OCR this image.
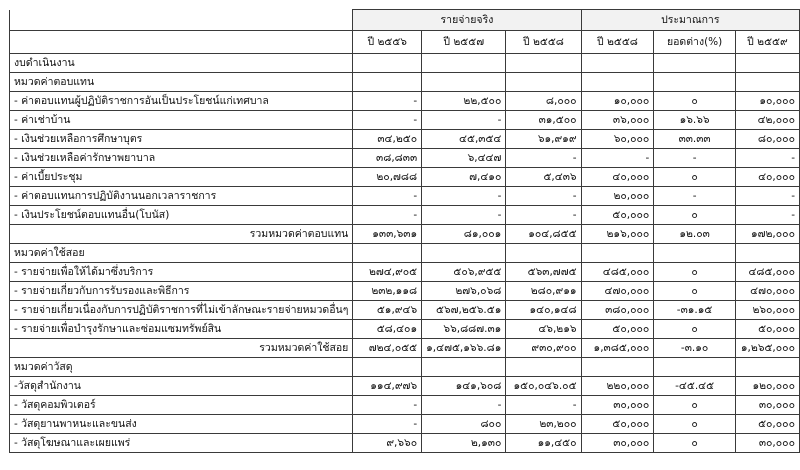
	รายจ่ายจริง			ประมาณการ		
	ปี ๒๕๕๖	ปี ๒๕๕๗	ปี ๒๕๕๘	ปี ๒๕๕๘	ยอดต่าง(%)	ปี ๒๕๕๙
งบดำเนินงาน						
หมวดค่าตอบแทน						
- ค่าตอบแทนผู้ปฏิบัติราชการอันเป็นประโยชน์แก่เทศบาล	-	๒๒,๕๐๐	๘,๐๐๐	๑๐,๐๐๐	๐	๑๐,๐๐๐
- ค่าเช่าบ้าน	-	-	๓๑,๕๐๐	๓๖,๐๐๐	๑๖.๖๖	๔๒,๐๐๐
- เงินช่วยเหลือการศึกษาบุตร	๓๔,๒๕๐	๔๕,๓๕๔	๖๑,๙๑๙	๖๐,๐๐๐	๓๓.๓๓	๘๐,๐๐๐
- เงินช่วยเหลือค่ารักษาพยาบาล	๓๘,๘๓๓	๖,๔๔๗	-	-	-	-
- ค่าเบี้ยประชุม	๒๐,๗๘๘	๗,๔๑๐	๕,๔๓๖	๔๐,๐๐๐	๐	๔๐,๐๐๐
- ค่าตอบแทนการปฏิบัติงานนอกเวลาราชการ	-	-	-	๒๐,๐๐๐	-	-
- เงินประโยชน์ตอบแทนอื่น(โบนัส)	-	-	-	๕๐,๐๐๐	๐	-
รวมหมวดค่าตอบแทน	๑๓๓,๖๓๑	๘๑,๐๐๑	๑๐๔,๘๕๕	๒๑๖,๐๐๐	๑๒.๐๓	๑๗๒,๐๐๐
หมวดค่าใช้สอย						
- รายจ่ายเพื่อให้ได้มาซึ่งบริการ	๒๗๔,๙๐๕	๕๐๖,๙๕๕	๕๖๓,๗๗๕	๔๘๕,๐๐๐	๐	๔๘๕,๐๐๐
- รายจ่ายเกี่ยวกับการรับรองและพิธีการ	๒๓๒,๑๑๘	๒๗๖,๐๖๘	๒๘๐,๙๑๑	๔๗๐,๐๐๐	๐	๔๗๐,๐๐๐
- รายจ่ายเกี่ยวเนื่องกับการปฏิบัติราชการที่ไม่เข้าลักษณะรายจ่ายหมวดอื่นๆ	๕๑,๙๔๖	๕๖๗,๒๕๖.๕๑	๑๔๐,๑๔๘	๓๘๐,๐๐๐	-๓๑.๑๕	๒๖๐,๐๐๐
- รายจ่ายเพื่อบำรุงรักษาและซ่อมแซมทรัพย์สิน	๕๘,๔๐๑	๖๖,๘๘๗.๓๑	๔๖,๒๑๖	๕๐,๐๐๐	๐	๕๐,๐๐๐
รวมหมวดค่าใช้สอย	๗๒๔,๐๕๕	๑,๔๗๕,๑๖๖.๘๑	๙๓๐,๙๐๐	๑,๓๘๕,๐๐๐	-๓.๑๐	๑,๒๖๕,๐๐๐
หมวดค่าวัสดุ						
-วัสดุสำนักงาน	๑๑๔,๙๗๖	๑๔๑,๖๐๘	๑๕๐,๐๔๖.๐๕	๒๒๐,๐๐๐	-๔๕.๔๕	๑๒๐,๐๐๐
- วัสดุคอมพิวเตอร์	-	-	-	๓๐,๐๐๐	๐	๓๐,๐๐๐
- วัสดุยานพาหนะและขนส่ง	-	๘๐๐	๒๓,๒๐๐	๕๐,๐๐๐	๐	๕๐,๐๐๐
- วัสดุโฆษณาและเผยแพร่	๙,๖๖๐	๒,๑๓๐	๑๑,๔๕๐	๓๐,๐๐๐	๐	๓๐,๐๐๐
